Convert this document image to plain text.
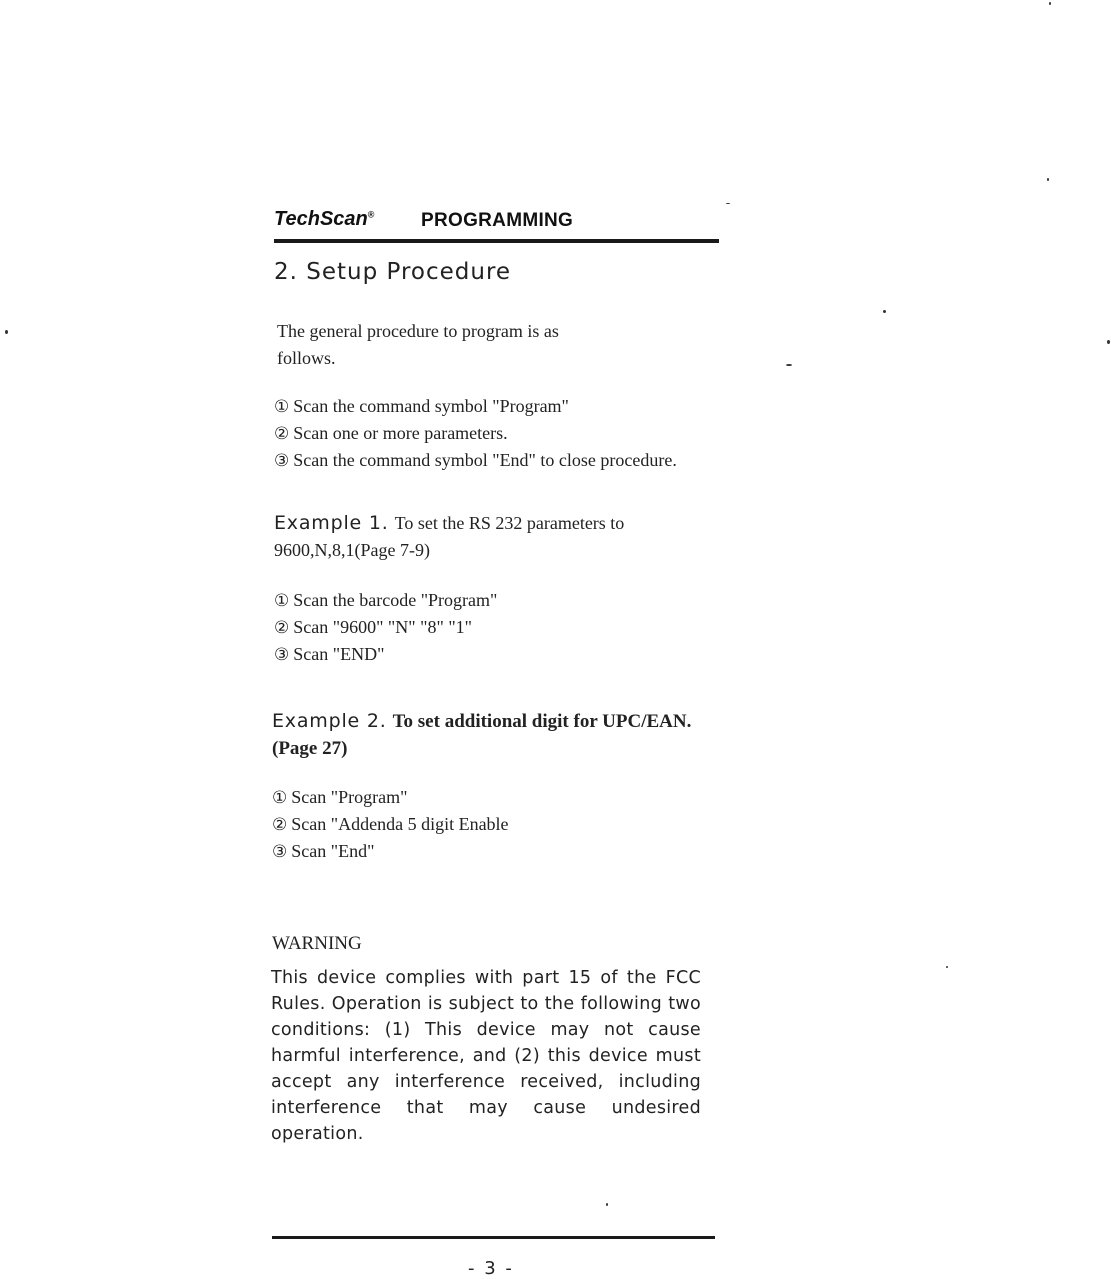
TechScan® PROGRAMMING
2. Setup Procedure
The general procedure to program is as
follows.
① Scan the command symbol "Program"
② Scan one or more parameters.
③ Scan the command symbol "End" to close procedure.
Example 1. To set the RS 232 parameters to
9600,N,8,1(Page 7-9)
① Scan the barcode "Program"
② Scan "9600" "N" "8" "1"
③ Scan "END"
Example 2. To set additional digit for UPC/EAN.
(Page 27)
① Scan "Program"
② Scan "Addenda 5 digit Enable
③ Scan "End"
WARNING
This device complies with part 15 of the FCC Rules. Operation is subject to the following two conditions: (1) This device may not cause harmful interference, and (2) this device must accept any interference received, including interference that may cause undesired operation.
- 3 -
